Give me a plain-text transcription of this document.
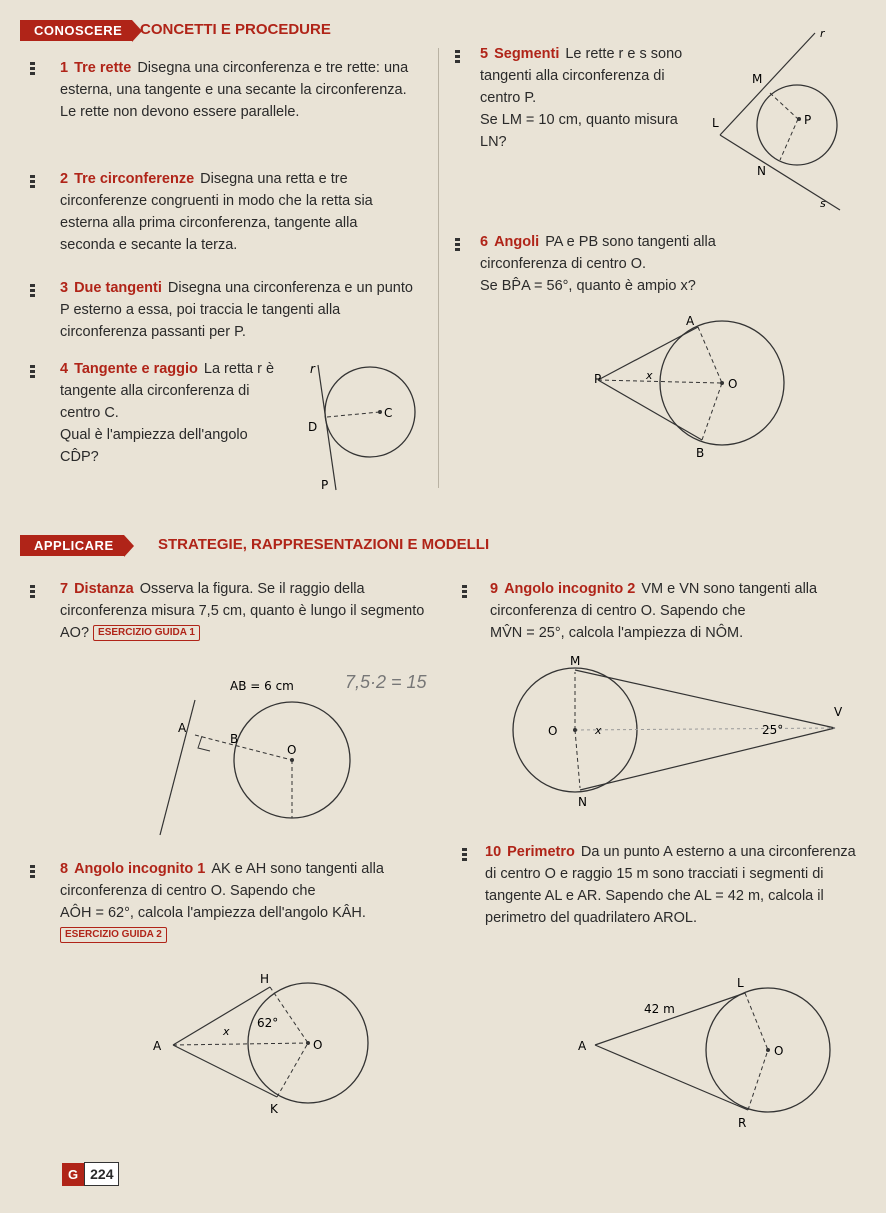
CONOSCERE	CONCETTI E PROCEDURE
1 Tre rette Disegna una circonferenza e tre rette: una esterna, una tangente e una secante la circonferenza. Le rette non devono essere parallele.
2 Tre circonferenze Disegna una retta e tre circonferenze congruenti in modo che la retta sia esterna alla prima circonferenza, tangente alla seconda e secante la terza.
3 Due tangenti Disegna una circonferenza e un punto P esterno a essa, poi traccia le tangenti alla circonferenza passanti per P.
4 Tangente e raggio La retta r è tangente alla circonferenza di centro C.
Qual è l'ampiezza dell'angolo CD̂P?
r
C
D
P
5 Segmenti Le rette r e s sono tangenti alla circonferenza di centro P.
Se LM = 10 cm, quanto misura LN?
r
M
L	P
N
s
6 Angoli PA e PB sono tangenti alla circonferenza di centro O.
Se BP̂A = 56°, quanto è ampio x?
A
P	x
O
B
APPLICARE	STRATEGIE, RAPPRESENTAZIONI E MODELLI
7 Distanza Osserva la figura. Se il raggio della circonferenza misura 7,5 cm, quanto è lungo il segmento AO? ESERCIZIO GUIDA 1
7,5·2 = 15
AB = 6 cm
A
B
O
9 Angolo incognito 2 VM e VN sono tangenti alla circonferenza di centro O. Sapendo che
MV̂N = 25°, calcola l'ampiezza di NÔM.
M
O	x
V
25°
N
8 Angolo incognito 1 AK e AH sono tangenti alla circonferenza di centro O. Sapendo che
AÔH = 62°, calcola l'ampiezza dell'angolo KÂH. ESERCIZIO GUIDA 2
H
A
x
62°
O
K
10 Perimetro Da un punto A esterno a una circonferenza di centro O e raggio 15 m sono tracciati i segmenti di tangente AL e AR. Sapendo che AL = 42 m, calcola il perimetro del quadrilatero AROL.
L
42 m
A	O
R
G 224
